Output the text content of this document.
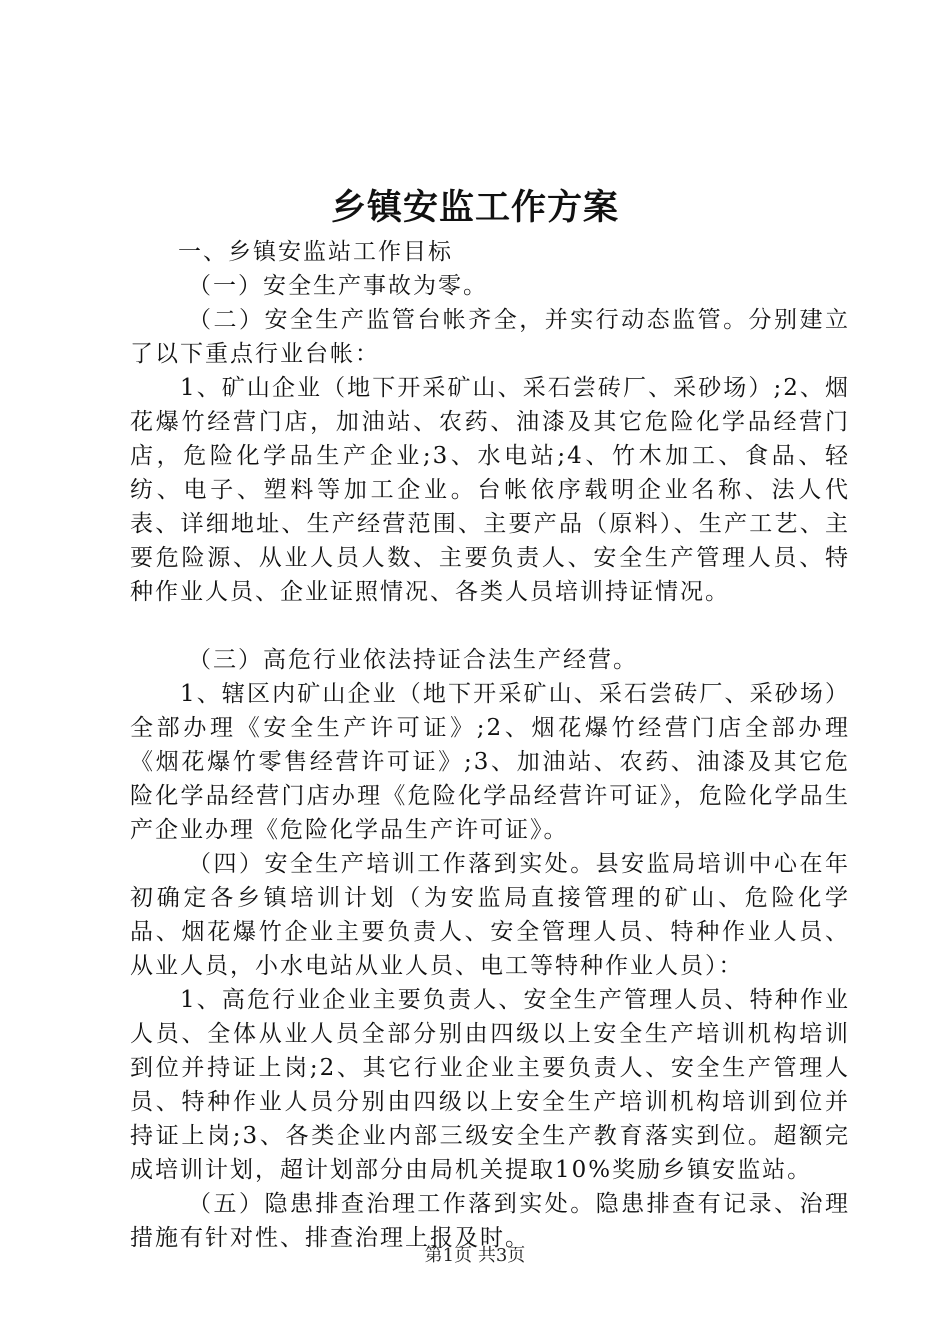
乡镇安监工作方案

一、乡镇安监站工作目标

（一）安全生产事故为零。

（二）安全生产监管台帐齐全，并实行动态监管。分别建立了以下重点行业台帐：

1、矿山企业（地下开采矿山、采石尝砖厂、采砂场）;2、烟花爆竹经营门店，加油站、农药、油漆及其它危险化学品经营门店，危险化学品生产企业;3、水电站;4、竹木加工、食品、轻纺、电子、塑料等加工企业。台帐依序载明企业名称、法人代表、详细地址、生产经营范围、主要产品（原料）、生产工艺、主要危险源、从业人员人数、主要负责人、安全生产管理人员、特种作业人员、企业证照情况、各类人员培训持证情况。

（三）高危行业依法持证合法生产经营。

1、辖区内矿山企业（地下开采矿山、采石尝砖厂、采砂场）全部办理《安全生产许可证》;2、烟花爆竹经营门店全部办理《烟花爆竹零售经营许可证》;3、加油站、农药、油漆及其它危险化学品经营门店办理《危险化学品经营许可证》，危险化学品生产企业办理《危险化学品生产许可证》。

（四）安全生产培训工作落到实处。县安监局培训中心在年初确定各乡镇培训计划（为安监局直接管理的矿山、危险化学品、烟花爆竹企业主要负责人、安全管理人员、特种作业人员、从业人员，小水电站从业人员、电工等特种作业人员）：

1、高危行业企业主要负责人、安全生产管理人员、特种作业人员、全体从业人员全部分别由四级以上安全生产培训机构培训到位并持证上岗;2、其它行业企业主要负责人、安全生产管理人员、特种作业人员分别由四级以上安全生产培训机构培训到位并持证上岗;3、各类企业内部三级安全生产教育落实到位。超额完成培训计划，超计划部分由局机关提取10%奖励乡镇安监站。

（五）隐患排查治理工作落到实处。隐患排查有记录、治理措施有针对性、排查治理上报及时。

第1页 共3页
